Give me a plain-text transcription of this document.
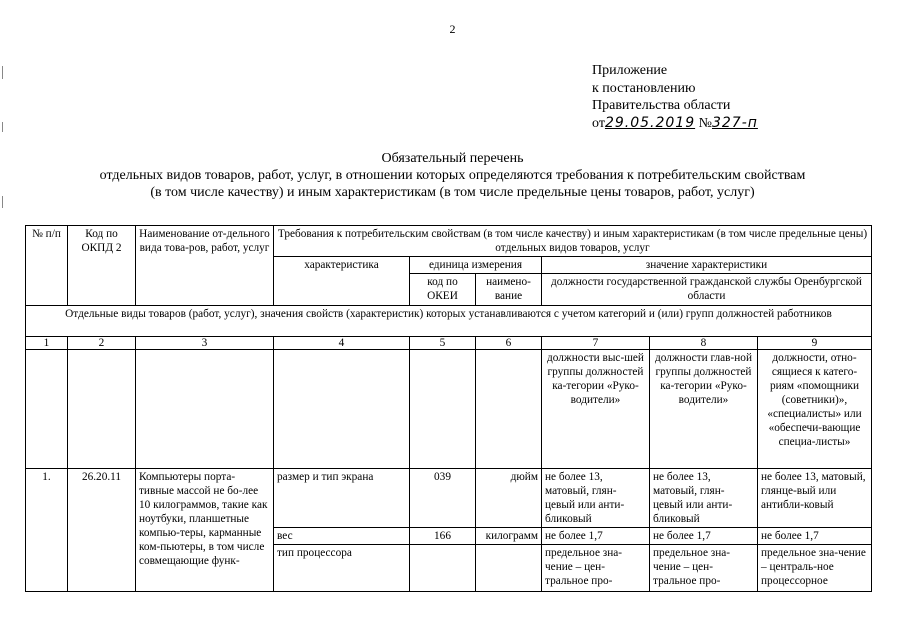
2
Приложение
к постановлению
Правительства области
от29.05.2019 №327-п
Обязательный перечень
отдельных видов товаров, работ, услуг, в отношении которых определяются требования к потребительским свойствам
(в том числе качеству) и иным характеристикам (в том числе предельные цены товаров, работ, услуг)
№ п/п	Код по ОКПД 2	Наименование от-дельного вида това-ров, работ, услуг	Требования к потребительским свойствам (в том числе качеству) и иным характеристикам (в том числе предельные цены) отдельных видов товаров, услуг					
			характеристика	единица измерения		значение характеристики		
				код по ОКЕИ	наимено-вание	должности государственной гражданской службы Оренбургской области		
Отдельные виды товаров (работ, услуг), значения свойств (характеристик) которых устанавливаются с учетом категорий и (или) групп должностей работников								
1	2	3	4	5	6	7	8	9
						должности выс-шей группы должностей ка-тегории «Руко-водители»	должности глав-ной группы должностей ка-тегории «Руко-водители»	должности, отно-сящиеся к катего-риям «помощники (советники)», «специалисты» или «обеспечи-вающие специа-листы»
1.	26.20.11	Компьютеры порта-тивные массой не бо-лее 10 килограммов, такие как ноутбуки, планшетные компью-теры, карманные ком-пьютеры, в том числе совмещающие функ-	размер и тип экрана	039	дюйм	не более 13, матовый, глян-цевый или анти-бликовый	не более 13, матовый, глян-цевый или анти-бликовый	не более 13, матовый, глянце-вый или антибли-ковый
			вес	166	килограмм	не более 1,7	не более 1,7	не более 1,7
			тип процессора			предельное зна-чение – цен-тральное про-	предельное зна-чение – цен-тральное про-	предельное зна-чение – централь-ное процессорное
